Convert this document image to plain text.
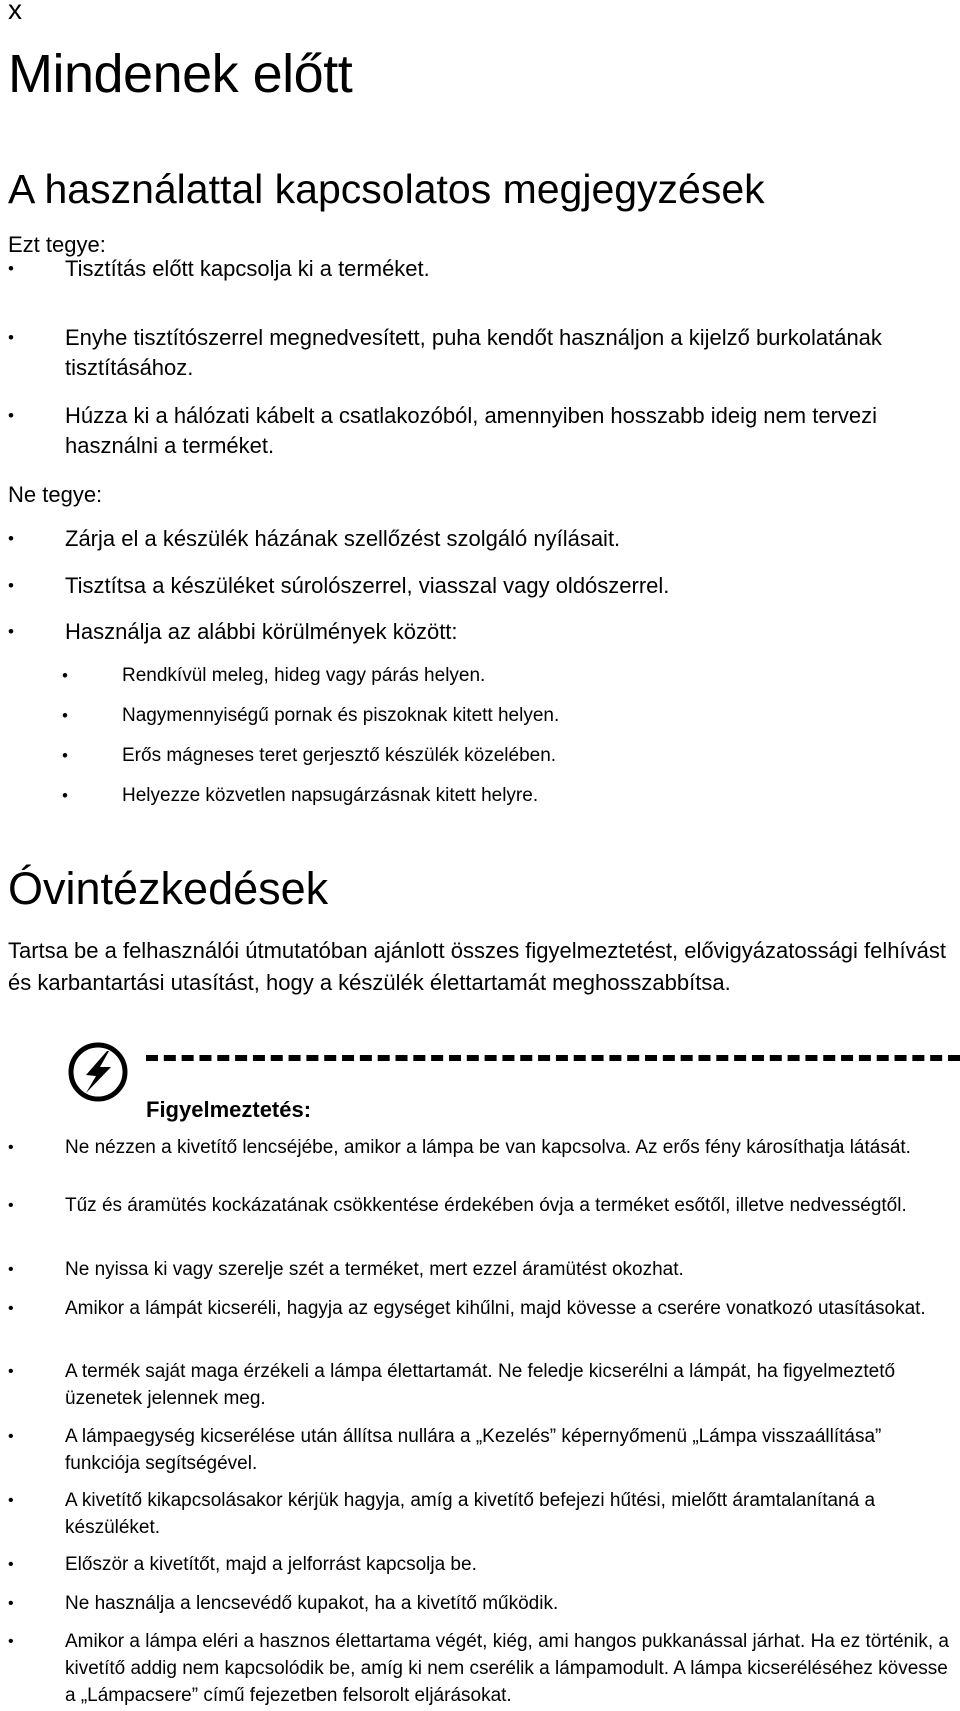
x
Mindenek előtt
A használattal kapcsolatos megjegyzések
Ezt tegye:
• Tisztítás előtt kapcsolja ki a terméket.
• Enyhe tisztítószerrel megnedvesített, puha kendőt használjon a kijelző burkolatának tisztításához.
• Húzza ki a hálózati kábelt a csatlakozóból, amennyiben hosszabb ideig nem tervezi használni a terméket.
Ne tegye:
• Zárja el a készülék házának szellőzést szolgáló nyílásait.
• Tisztítsa a készüléket súrolószerrel, viasszal vagy oldószerrel.
• Használja az alábbi körülmények között:
•	Rendkívül meleg, hideg vagy párás helyen.
•	Nagymennyiségű pornak és piszoknak kitett helyen.
•	Erős mágneses teret gerjesztő készülék közelében.
•	Helyezze közvetlen napsugárzásnak kitett helyre.
Óvintézkedések

Tartsa be a felhasználói útmutatóban ajánlott összes figyelmeztetést, elővigyázatossági felhívást és karbantartási utasítást, hogy a készülék élettartamát meghosszabbítsa.

Figyelmeztetés:
•	Ne nézzen a kivetítő lencséjébe, amikor a lámpa be van kapcsolva. Az erős fény károsíthatja látását.
•	Tűz és áramütés kockázatának csökkentése érdekében óvja a terméket esőtől, illetve nedvességtől.
•	Ne nyissa ki vagy szerelje szét a terméket, mert ezzel áramütést okozhat.
•	Amikor a lámpát kicseréli, hagyja az egységet kihűlni, majd kövesse a cserére vonatkozó utasításokat.
•	A termék saját maga érzékeli a lámpa élettartamát. Ne feledje kicserélni a lámpát, ha figyelmeztető üzenetek jelennek meg.
•	A lámpaegység kicserélése után állítsa nullára a „Kezelés” képernyőmenü „Lámpa visszaállítása” funkciója segítségével.
•	A kivetítő kikapcsolásakor kérjük hagyja, amíg a kivetítő befejezi hűtési, mielőtt áramtalanítaná a készüléket.
•	Először a kivetítőt, majd a jelforrást kapcsolja be.
•	Ne használja a lencsevédő kupakot, ha a kivetítő működik.
•	Amikor a lámpa eléri a hasznos élettartama végét, kiég, ami hangos pukkanással járhat. Ha ez történik, a kivetítő addig nem kapcsolódik be, amíg ki nem cserélik a lámpamodult. A lámpa kicseréléséhez kövesse a „Lámpacsere” című fejezetben felsorolt eljárásokat.
